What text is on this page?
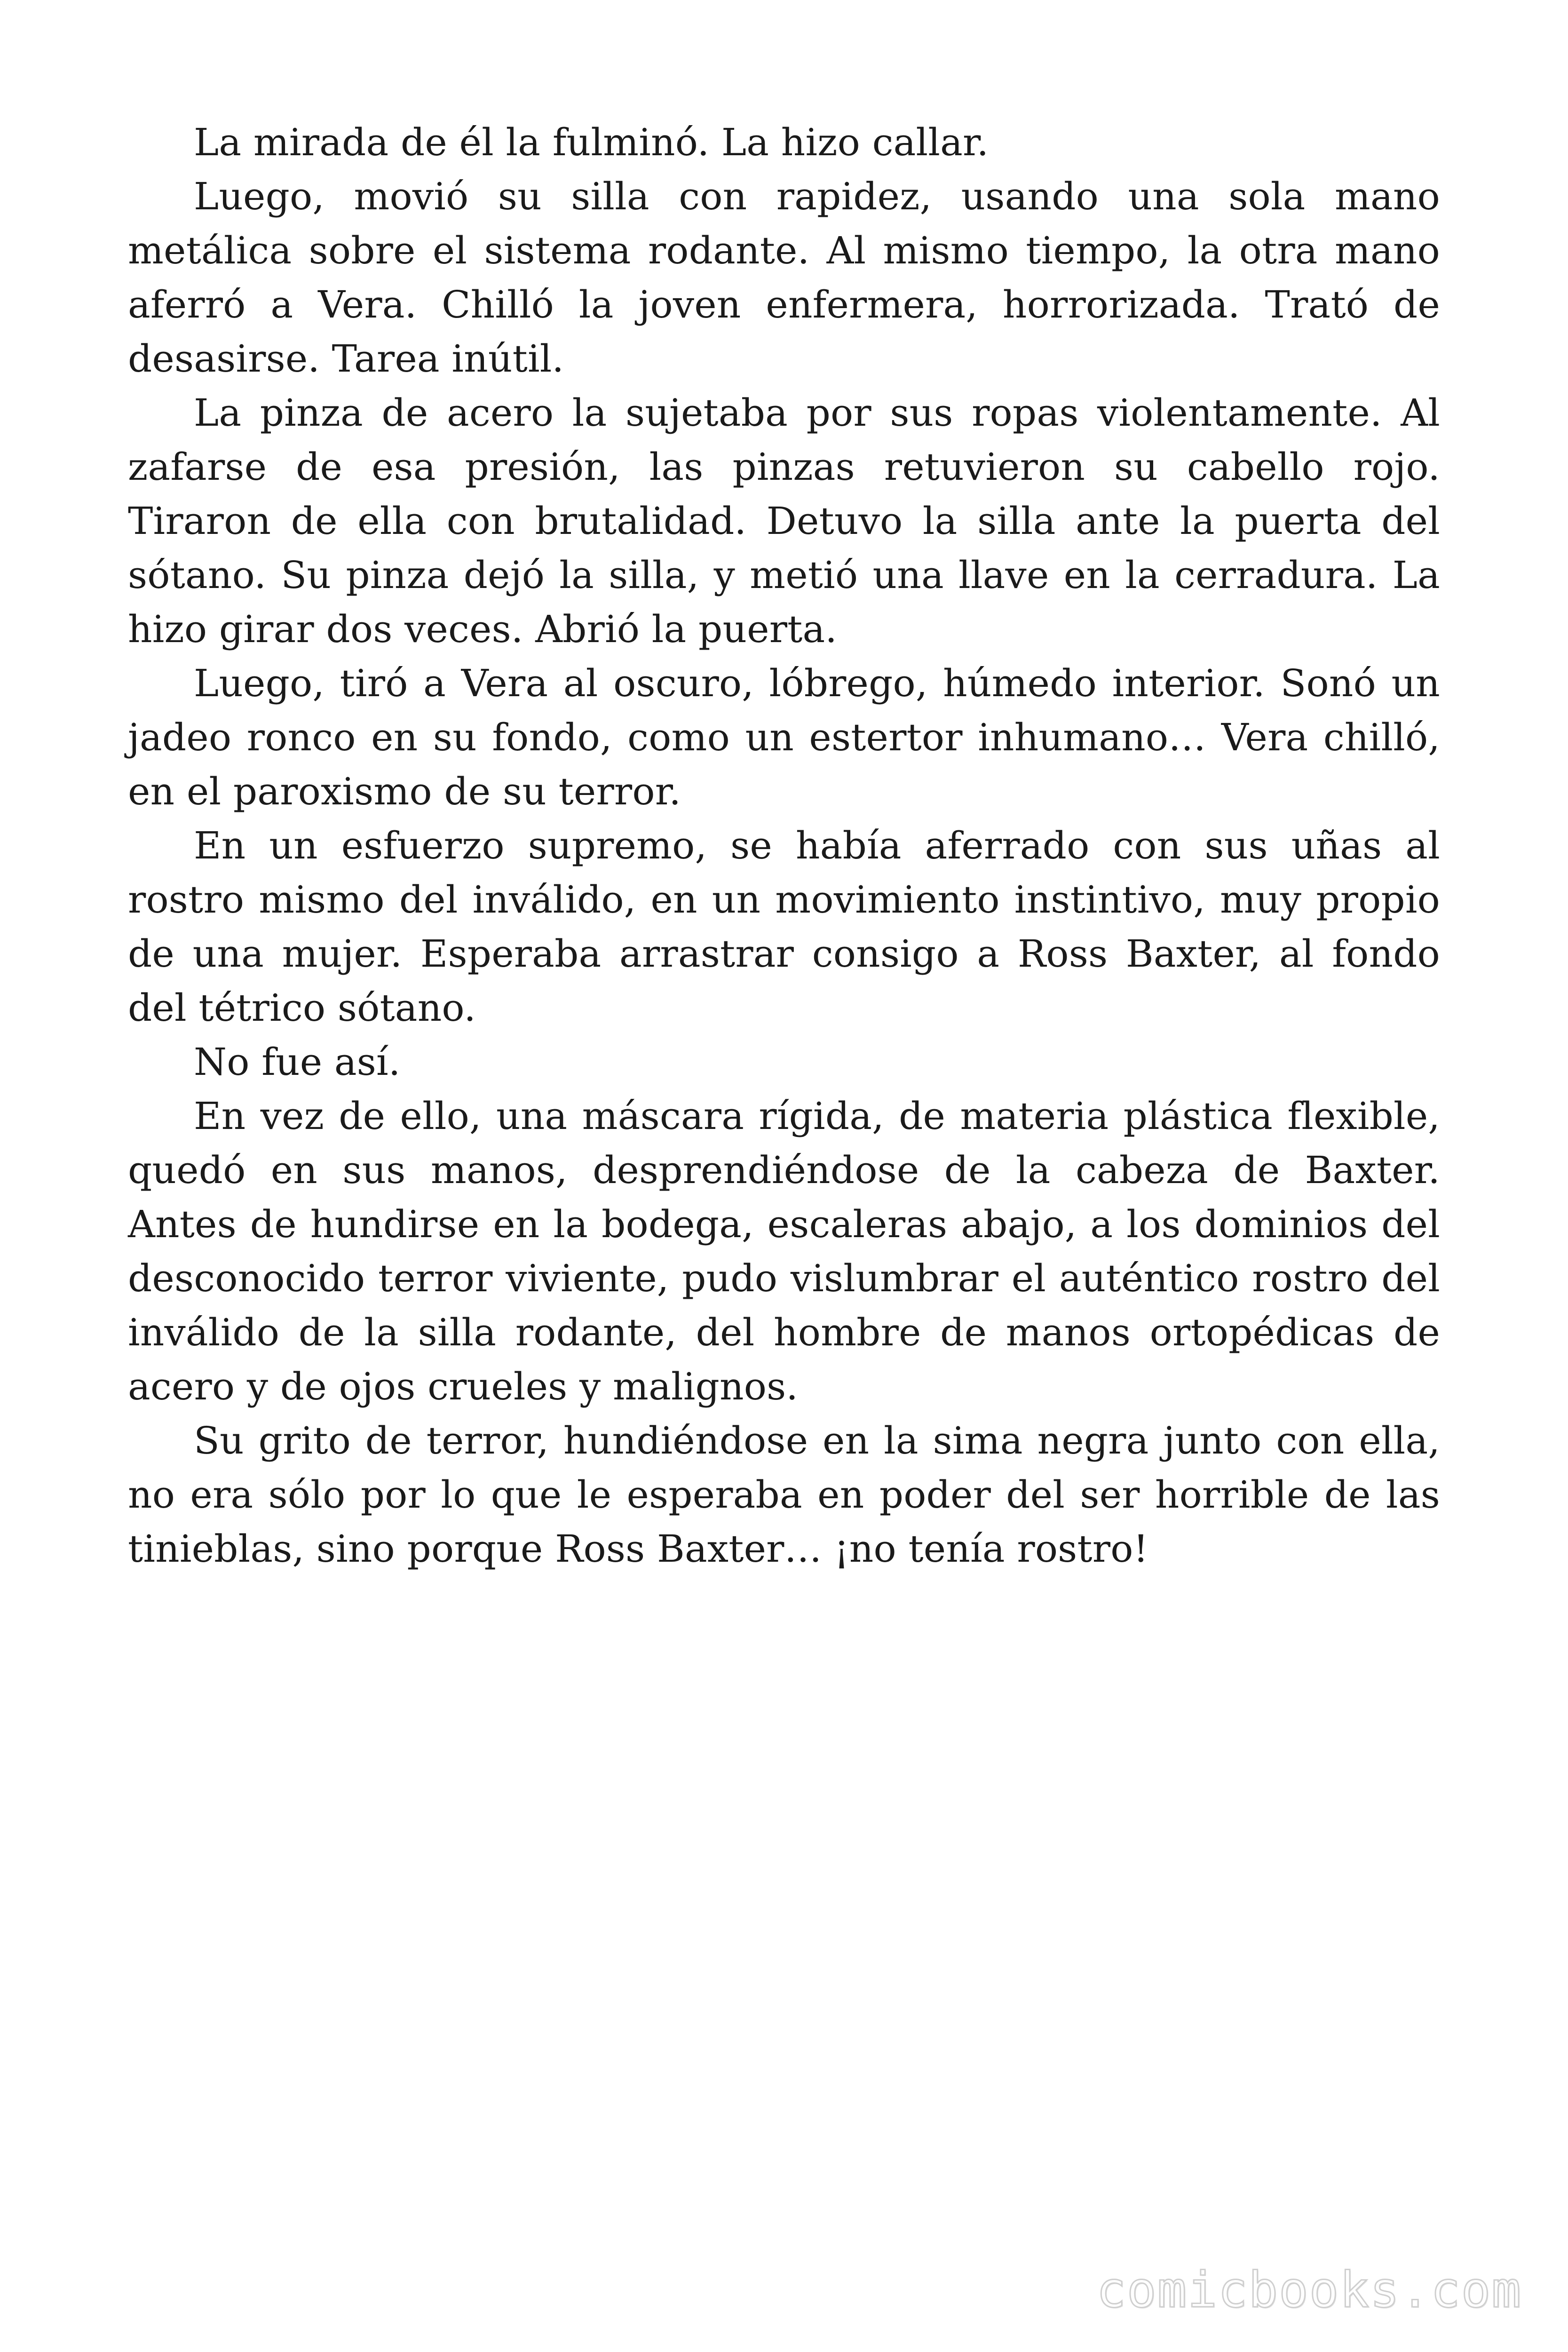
La mirada de él la fulminó. La hizo callar.

Luego, movió su silla con rapidez, usando una sola mano metálica sobre el sistema rodante. Al mismo tiempo, la otra mano aferró a Vera. Chilló la joven enfermera, horrorizada. Trató de desasirse. Tarea inútil.

La pinza de acero la sujetaba por sus ropas violentamente. Al zafarse de esa presión, las pinzas retuvieron su cabello rojo. Tiraron de ella con brutalidad. Detuvo la silla ante la puerta del sótano. Su pinza dejó la silla, y metió una llave en la cerradura. La hizo girar dos veces. Abrió la puerta.

Luego, tiró a Vera al oscuro, lóbrego, húmedo interior. Sonó un jadeo ronco en su fondo, como un estertor inhumano… Vera chilló, en el paroxismo de su terror.

En un esfuerzo supremo, se había aferrado con sus uñas al rostro mismo del inválido, en un movimiento instintivo, muy propio de una mujer. Esperaba arrastrar consigo a Ross Baxter, al fondo del tétrico sótano.

No fue así.

En vez de ello, una máscara rígida, de materia plástica flexible, quedó en sus manos, desprendiéndose de la cabeza de Baxter. Antes de hundirse en la bodega, escaleras abajo, a los dominios del desconocido terror viviente, pudo vislumbrar el auténtico rostro del inválido de la silla rodante, del hombre de manos ortopédicas de acero y de ojos crueles y malignos.

Su grito de terror, hundiéndose en la sima negra junto con ella, no era sólo por lo que le esperaba en poder del ser horrible de las tinieblas, sino porque Ross Baxter… ¡no tenía rostro!

comicbooks.com
